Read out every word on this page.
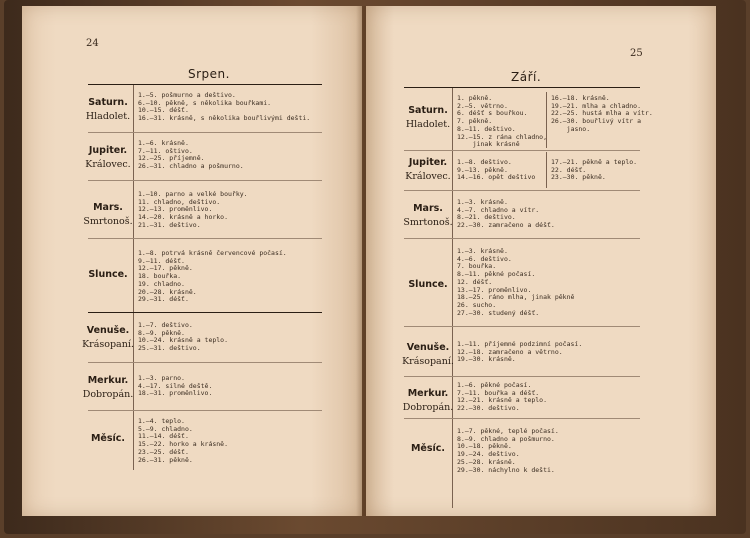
24
Srpen.
Saturn.
Hladolet.
1.—5. pošmurno a deštivo.
6.—10. pěkně, s několika bouřkami.
10.—15. déšť.
16.—31. krásně, s několika bouřlivými dešti.
Jupiter.
Královec.
1.—6. krásně.
7.—11. oštivo.
12.—25. příjemně.
26.—31. chladno a pošmurno.
Mars.
Smrtonoš.
1.—10. parno a velké bouřky.
11. chladno, deštivo.
12.—13. proměnlivo.
14.—20. krásně a horko.
21.—31. deštivo.
Slunce.
1.—8. potrvá krásně červencové počasí.
9.—11. déšť.
12.—17. pěkně.
18. bouřka.
19. chladno.
20.—28. krásně.
29.—31. déšť.
Venuše.
Krásopaní.
1.—7. deštivo.
8.—9. pěkně.
10.—24. krásně a teplo.
25.—31. deštivo.
Merkur.
Dobropán.
1.—3. parno.
4.—17. silné deště.
18.—31. proměnlivo.
Měsíc.
1.—4. teplo.
5.—9. chladno.
11.—14. déšť.
15.—22. horko a krásně.
23.—25. déšť.
26.—31. pěkně.
25
Září.
Saturn.
Hladolet.
1. pěkně.
2.—5. větrno.
6. déšť s bouřkou.
7. pěkně.
8.—11. deštivo.
12.—15. z rána chladno,
jinak krásně
16.—18. krásně.
19.—21. mlha a chladno.
22.—25. hustá mlha a vítr.
26.—30. bouřlivý vítr a
jasno.
Jupiter.
Královec.
1.—8. deštivo.
9.—13. pěkně.
14.—16. opět deštivo
17.—21. pěkně a teplo.
22. déšť.
23.—30. pěkně.
Mars.
Smrtonoš.
1.—3. krásně.
4.—7. chladno a vítr.
8.—21. deštivo.
22.—30. zamračeno a déšť.
Slunce.
1.—3. krásně.
4.—6. deštivo.
7. bouřka.
8.—11. pěkné počasí.
12. déšť.
13.—17. proměnlivo.
18.—25. ráno mlha, jinak pěkně
26. sucho.
27.—30. studený déšť.
Venuše.
Krásopaní.
1.—11. příjemné podzimní počasí.
12.—18. zamračeno a větrno.
19.—30. krásně.
Merkur.
Dobropán.
1.—6. pěkné počasí.
7.—11. bouřka a déšť.
12.—21. krásně a teplo.
22.—30. deštivo.
Měsíc.
1.—7. pěkné, teplé počasí.
8.—9. chladno a pošmurno.
10.—18. pěkně.
19.—24. deštivo.
25.—28. krásně.
29.—30. náchylno k dešti.
